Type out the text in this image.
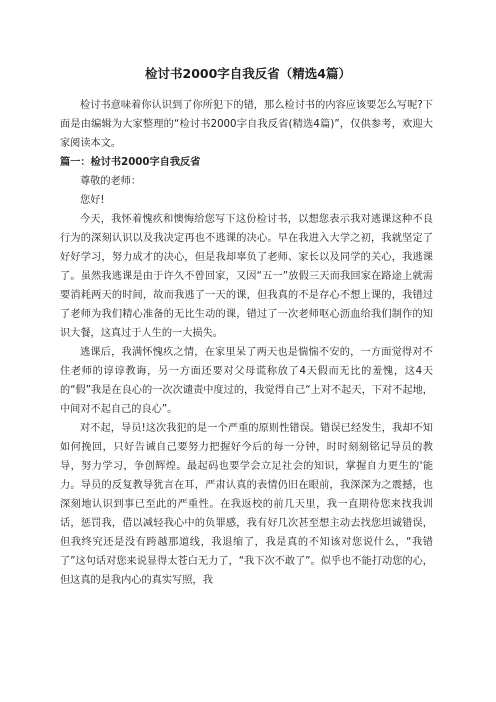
检讨书2000字自我反省（精选4篇）

检讨书意味着你认识到了你所犯下的错，那么检讨书的内容应该要怎么写呢?下面是由编辑为大家整理的“检讨书2000字自我反省(精选4篇)”，仅供参考，欢迎大家阅读本文。

篇一：检讨书2000字自我反省

尊敬的老师：

您好!

今天，我怀着愧疚和懊悔给您写下这份检讨书，以想您表示我对逃课这种不良行为的深刻认识以及我决定再也不逃课的决心。早在我进入大学之初，我就坚定了好好学习，努力成才的决心，但是我却辜负了老师、家长以及同学的关心，我逃课了。虽然我逃课是由于许久不曾回家，又因“五一”放假三天而我回家在路途上就需要消耗两天的时间，故而我逃了一天的课，但我真的不是存心不想上课的，我错过了老师为我们精心准备的无比生动的课，错过了一次老师呕心沥血给我们制作的知识大餐，这真过于人生的一大损失。

逃课后，我满怀愧疚之情，在家里呆了两天也是惴惴不安的，一方面觉得对不住老师的谆谆教诲，另一方面还要对父母谎称放了4天假而无比的羞愧，这4天的“假”我是在良心的一次次谴责中度过的，我觉得自己“上对不起天，下对不起地，中间对不起自己的良心”。

对不起，导员!这次我犯的是一个严重的原则性错误。错误已经发生，我却不知如何挽回，只好告诫自己要努力把握好今后的每一分钟，时时刻刻铭记导员的教导，努力学习，争创辉煌。最起码也要学会立足社会的知识，掌握自力更生的'能力。导员的反复教导犹言在耳，严肃认真的表情仍旧在眼前，我深深为之震撼，也深刻地认识到事已至此的严重性。在我返校的前几天里，我一直期待您来找我训话，惩罚我，借以减轻我心中的负罪感，我有好几次甚至想主动去找您坦诚错误，但我终究还是没有跨越那道线，我退缩了，我是真的不知该对您说什么，“我错了”这句话对您来说显得太苍白无力了，“我下次不敢了”。似乎也不能打动您的心，但这真的是我内心的真实写照，我
